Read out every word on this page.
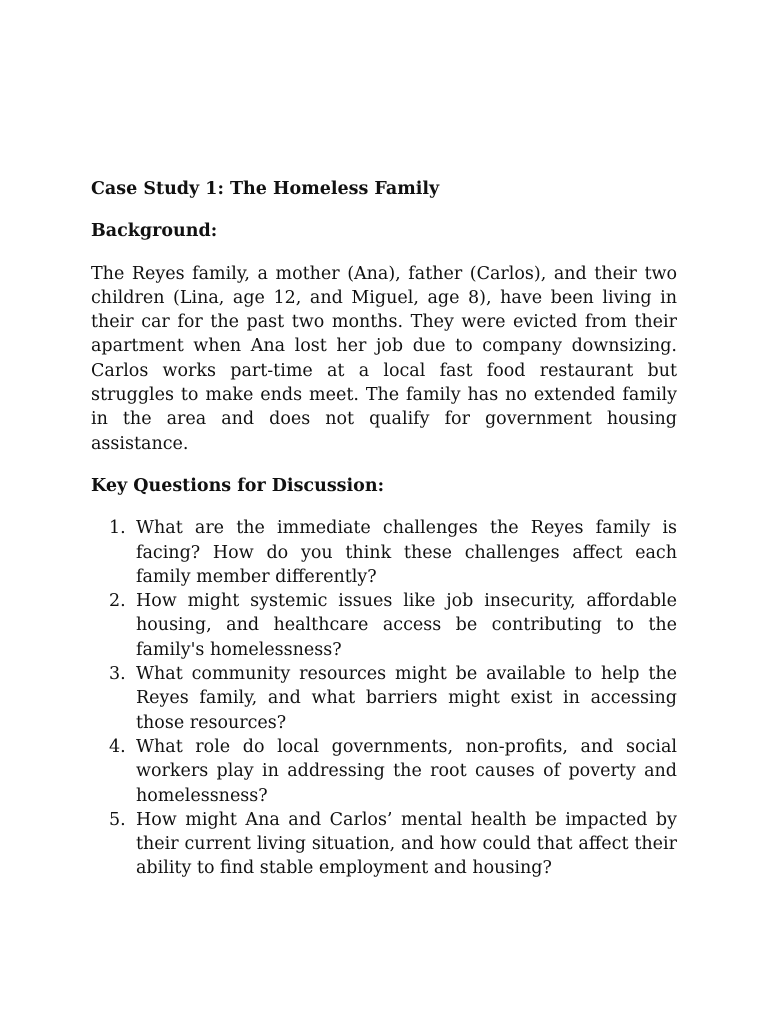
Case Study 1: The Homeless Family
Background:

The Reyes family, a mother (Ana), father (Carlos), and their two children (Lina, age 12, and Miguel, age 8), have been living in their car for the past two months. They were evicted from their apartment when Ana lost her job due to company downsizing. Carlos works part-time at a local fast food restaurant but struggles to make ends meet. The family has no extended family in the area and does not qualify for government housing assistance.

Key Questions for Discussion:
1. What are the immediate challenges the Reyes family is facing? How do you think these challenges affect each family member differently?
2. How might systemic issues like job insecurity, affordable housing, and healthcare access be contributing to the family's homelessness?
3. What community resources might be available to help the Reyes family, and what barriers might exist in accessing those resources?
4. What role do local governments, non-profits, and social workers play in addressing the root causes of poverty and homelessness?
5. How might Ana and Carlos’ mental health be impacted by their current living situation, and how could that affect their ability to find stable employment and housing?
